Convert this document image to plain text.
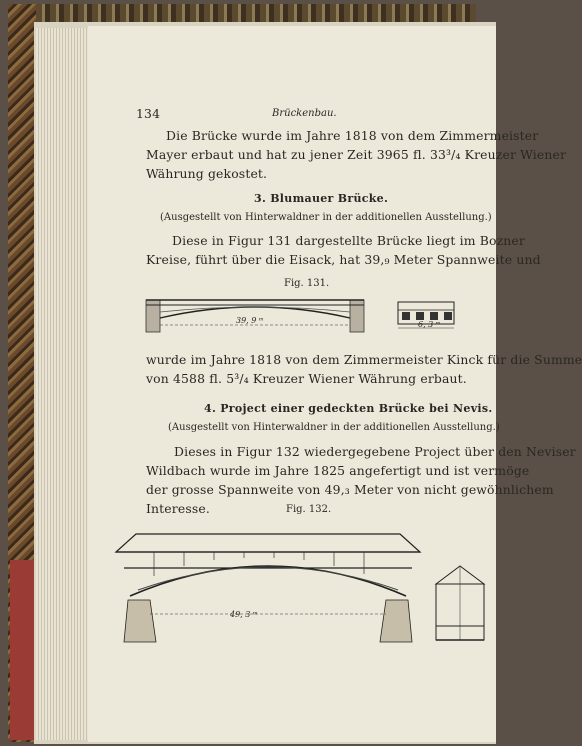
134	Brückenbau.
Die Brücke wurde im Jahre 1818 von dem Zimmermeister
Mayer erbaut und hat zu jener Zeit 3965 fl. 33³/₄ Kreuzer Wiener
Währung gekostet.
3. Blumauer Brücke.
(Ausgestellt von Hinterwaldner in der additionellen Ausstellung.)
Diese in Figur 131 dargestellte Brücke liegt im Bozner
Kreise, führt über die Eisack, hat 39,₉ Meter Spannweite und
Fig. 131.
39, 9 ᵐ	6, 3 ᵐ
wurde im Jahre 1818 von dem Zimmermeister Kinck für die Summe
von 4588 fl. 5³/₄ Kreuzer Wiener Währung erbaut.
4. Project einer gedeckten Brücke bei Nevis.
(Ausgestellt von Hinterwaldner in der additionellen Ausstellung.)
Dieses in Figur 132 wiedergegebene Project über den Neviser
Wildbach wurde im Jahre 1825 angefertigt und ist vermöge
der grosse Spannweite von 49,₃ Meter von nicht gewöhnlichem
Interesse.	Fig. 132.
49, 3 ᵐ
